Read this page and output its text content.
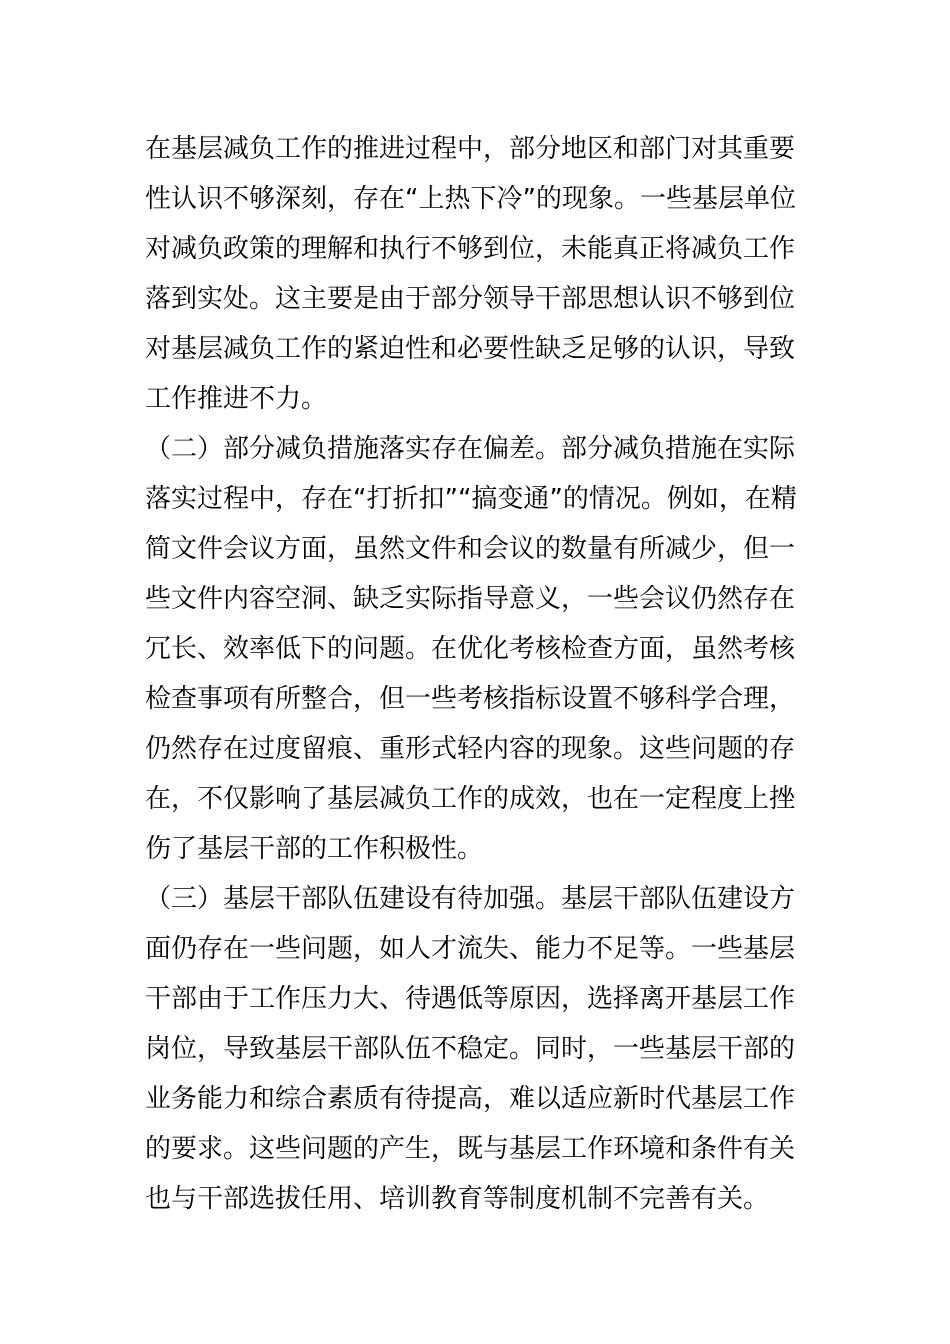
在基层减负工作的推进过程中，部分地区和部门对其重要
性认识不够深刻，存在“上热下冷”的现象。一些基层单位
对减负政策的理解和执行不够到位，未能真正将减负工作
落到实处。这主要是由于部分领导干部思想认识不够到位
对基层减负工作的紧迫性和必要性缺乏足够的认识，导致
工作推进不力。
（二）部分减负措施落实存在偏差。部分减负措施在实际
落实过程中，存在“打折扣”“搞变通”的情况。例如，在精
简文件会议方面，虽然文件和会议的数量有所减少，但一
些文件内容空洞、缺乏实际指导意义，一些会议仍然存在
冗长、效率低下的问题。在优化考核检查方面，虽然考核
检查事项有所整合，但一些考核指标设置不够科学合理，
仍然存在过度留痕、重形式轻内容的现象。这些问题的存
在，不仅影响了基层减负工作的成效，也在一定程度上挫
伤了基层干部的工作积极性。
（三）基层干部队伍建设有待加强。基层干部队伍建设方
面仍存在一些问题，如人才流失、能力不足等。一些基层
干部由于工作压力大、待遇低等原因，选择离开基层工作
岗位，导致基层干部队伍不稳定。同时，一些基层干部的
业务能力和综合素质有待提高，难以适应新时代基层工作
的要求。这些问题的产生，既与基层工作环境和条件有关
也与干部选拔任用、培训教育等制度机制不完善有关。
